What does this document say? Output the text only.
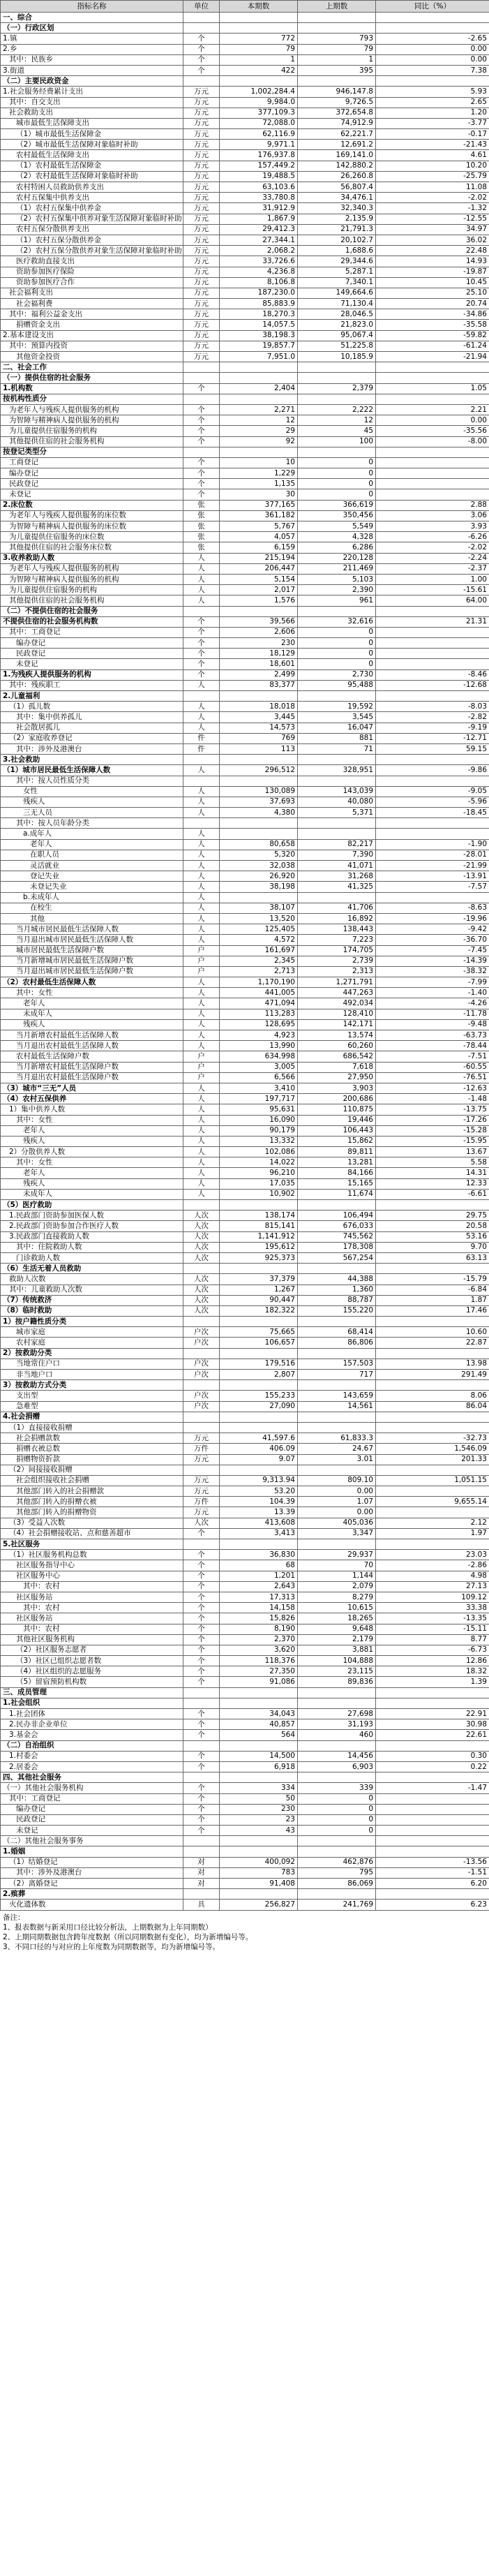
指标名称	单位	本期数	上期数	同比（%）
一、综合				
（一）行政区划				
1.镇	个	772	793	-2.65
2.乡	个	79	79	0.00
其中：民族乡	个	1	1	0.00
3.街道	个	422	395	7.38
（二）主要民政资金				
1.社会服务经费累计支出	万元	1,002,284.4	946,147.8	5.93
其中：自交支出	万元	9,984.0	9,726.5	2.65
社会救助支出	万元	377,109.3	372,654.8	1.20
城市最低生活保障支出	万元	72,088.0	74,912.9	-3.77
（1）城市最低生活保障金	万元	62,116.9	62,221.7	-0.17
（2）城市最低生活保障对象临时补助	万元	9,971.1	12,691.2	-21.43
农村最低生活保障支出	万元	176,937.8	169,141.0	4.61
（1）农村最低生活保障金	万元	157,449.2	142,880.2	10.20
（2）农村最低生活保障对象临时补助	万元	19,488.5	26,260.8	-25.79
农村特困人员救助供养支出	万元	63,103.6	56,807.4	11.08
农村五保集中供养支出	万元	33,780.8	34,476.1	-2.02
（1）农村五保集中供养金	万元	31,912.9	32,340.3	-1.32
（2）农村五保集中供养对象生活保障对象临时补助	万元	1,867.9	2,135.9	-12.55
农村五保分散供养支出	万元	29,412.3	21,791.3	34.97
（1）农村五保分散供养金	万元	27,344.1	20,102.7	36.02
（2）农村五保分散供养对象生活保障对象临时补助	万元	2,068.2	1,688.6	22.48
医疗救助直接支出	万元	33,726.6	29,344.6	14.93
资助参加医疗保险	万元	4,236.8	5,287.1	-19.87
资助参加医疗合作	万元	8,106.8	7,340.1	10.45
社会福利支出	万元	187,230.0	149,664.6	25.10
社会福利费	万元	85,883.9	71,130.4	20.74
其中：福利公益金支出	万元	18,270.3	28,046.5	-34.86
捐赠资金支出	万元	14,057.5	21,823.0	-35.58
2.基本建设支出	万元	38,198.3	95,067.4	-59.82
其中：预算内投资	万元	19,857.7	51,225.8	-61.24
其他资金投资	万元	7,951.0	10,185.9	-21.94
二、社会工作				
（一）提供住宿的社会服务				
1.机构数	个	2,404	2,379	1.05
按机构性质分				
为老年人与残疾人提供服务的机构	个	2,271	2,222	2.21
为智障与精神病人提供服务的机构	个	12	12	0.00
为儿童提供住宿服务的机构	个	29	45	-35.56
其他提供住宿的社会服务机构	个	92	100	-8.00
按登记类型分				
工商登记	个	10	0	
编办登记	个	1,229	0	
民政登记	个	1,135	0	
未登记	个	30	0	
2.床位数	张	377,165	366,619	2.88
为老年人与残疾人提供服务的床位数	张	361,182	350,456	3.06
为智障与精神病人提供服务的床位数	张	5,767	5,549	3.93
为儿童提供住宿服务的床位数	张	4,057	4,328	-6.26
其他提供住宿的社会服务床位数	张	6,159	6,286	-2.02
3.收养救助人数	人	215,194	220,128	-2.24
为老年人与残疾人提供服务的机构	人	206,447	211,469	-2.37
为智障与精神病人提供服务的机构	人	5,154	5,103	1.00
为儿童提供住宿服务的机构	人	2,017	2,390	-15.61
其他提供住宿的社会服务机构	人	1,576	961	64.00
（二）不提供住宿的社会服务				
不提供住宿的社会服务机构数	个	39,566	32,616	21.31
其中：工商登记	个	2,606	0	
编办登记	个	230	0	
民政登记	个	18,129	0	
未登记	个	18,601	0	
1.为残疾人提供服务的机构	个	2,499	2,730	-8.46
其中：残疾职工	人	83,377	95,488	-12.68
2.儿童福利				
（1）孤儿数	人	18,018	19,592	-8.03
其中：集中供养孤儿	人	3,445	3,545	-2.82
社会散居孤儿	人	14,573	16,047	-9.19
（2）家庭收养登记	件	769	881	-12.71
其中：涉外及港澳台	件	113	71	59.15
3.社会救助				
（1）城市居民最低生活保障人数	人	296,512	328,951	-9.86
其中：按人员性质分类				
女性	人	130,089	143,039	-9.05
残疾人	人	37,693	40,080	-5.96
三无人员	人	4,380	5,371	-18.45
其中：按人员年龄分类				
a.成年人	人			
老年人	人	80,658	82,217	-1.90
在职人员	人	5,320	7,390	-28.01
灵活就业	人	32,038	41,071	-21.99
登记失业	人	26,920	31,268	-13.91
未登记失业	人	38,198	41,325	-7.57
b.未成年人	人			
在校生	人	38,107	41,706	-8.63
其他	人	13,520	16,892	-19.96
当月城市居民最低生活保障人数	人	125,405	138,443	-9.42
当月退出城市居民最低生活保障人数	人	4,572	7,223	-36.70
城市居民最低生活保障户数	户	161,697	174,705	-7.45
当月新增城市居民最低生活保障户数	户	2,345	2,739	-14.39
当月退出城市居民最低生活保障户数	户	2,713	2,313	-38.32
（2）农村最低生活保障人数	人	1,170,190	1,271,791	-7.99
其中：女性	人	441,005	447,263	-1.40
老年人	人	471,094	492,034	-4.26
未成年人	人	113,283	128,410	-11.78
残疾人	人	128,695	142,171	-9.48
当月新增农村最低生活保障人数	人	4,923	13,574	-63.73
当月退出农村最低生活保障人数	人	13,990	60,260	-78.44
农村最低生活保障户数	户	634,998	686,542	-7.51
当月新增农村最低生活保障户数	户	3,005	7,618	-60.55
当月退出农村最低生活保障户数	户	6,566	27,950	-76.51
（3）城市“三无”人员	人	3,410	3,903	-12.63
（4）农村五保供养	人	197,717	200,686	-1.48
1）集中供养人数	人	95,631	110,875	-13.75
其中：女性	人	16,090	19,446	-17.26
老年人	人	90,179	106,443	-15.28
残疾人	人	13,332	15,862	-15.95
2）分散供养人数	人	102,086	89,811	13.67
其中：女性	人	14,022	13,281	5.58
老年人	人	96,210	84,166	14.31
残疾人	人	17,035	15,165	12.33
未成年人	人	10,902	11,674	-6.61
（5）医疗救助				
1.民政部门资助参加医保人数	人次	138,174	106,494	29.75
2.民政部门资助参加合作医疗人数	人次	815,141	676,033	20.58
3.民政部门直接救助人数	人次	1,141,912	745,562	53.16
其中：住院救助人数	人次	195,612	178,308	9.70
门诊救助人数	人次	925,373	567,254	63.13
（6）生活无着人员救助				
救助人次数	人次	37,379	44,388	-15.79
其中：儿童救助人次数	人次	1,267	1,360	-6.84
（7）传统救济	人次	90,447	88,787	1.87
（8）临时救助	人次	182,322	155,220	17.46
1）按户籍性质分类				
城市家庭	户次	75,665	68,414	10.60
农村家庭	户次	106,657	86,806	22.87
2）按救助分类				
当地常住户口	户次	179,516	157,503	13.98
非当地户口	户次	2,807	717	291.49
3）按救助方式分类				
支出型	户次	155,233	143,659	8.06
急难型	户次	27,090	14,561	86.04
4.社会捐赠				
（1）直接接收捐赠				
社会捐赠款数	万元	41,597.6	61,833.3	-32.73
捐赠衣被总数	万件	406.09	24.67	1,546.09
捐赠物资折款	万元	9.07	3.01	201.33
（2）间接接收捐赠				
社会组织接收社会捐赠	万元	9,313.94	809.10	1,051.15
其他部门转入的社会捐赠款	万元	53.20	0.00	
其他部门转入的捐赠衣被	万件	104.39	1.07	9,655.14
其他部门转入的捐赠物资	万元	13.39	0.00	
（3）受益人次数	人次	413,608	405,036	2.12
（4）社会捐赠接收站、点和慈善超市	个	3,413	3,347	1.97
5.社区服务				
（1）社区服务机构总数	个	36,830	29,937	23.03
社区服务指导中心	个	68	70	-2.86
社区服务中心	个	1,201	1,144	4.98
其中：农村	个	2,643	2,079	27.13
社区服务站	个	17,313	8,279	109.12
其中：农村	个	14,158	10,615	33.38
社区服务站	个	15,826	18,265	-13.35
其中：农村	个	8,190	9,648	-15.11
其他社区服务机构	个	2,370	2,179	8.77
（2）社区服务志愿者	个	3,620	3,881	-6.73
（3）社区已组织志愿者数	个	118,376	104,888	12.86
（4）社区组织的志愿服务	个	27,350	23,115	18.32
（5）留宿预防机构数	个	91,086	89,836	1.39
三、成员管理				
1.社会组织				
1.社会团体	个	34,043	27,698	22.91
2.民办非企业单位	个	40,857	31,193	30.98
3.基金会	个	564	460	22.61
（二）自治组织				
1.村委会	个	14,500	14,456	0.30
2.居委会	个	6,918	6,903	0.22
四、其他社会服务				
（一）其他社会服务机构	个	334	339	-1.47
其中：工商登记	个	50	0	
编办登记	个	230	0	
民政登记	个	23	0	
未登记	个	43	0	
（二）其他社会服务事务				
1.婚姻				
（1）结婚登记	对	400,092	462,876	-13.56
其中：涉外及港澳台	对	783	795	-1.51
（2）离婚登记	对	91,408	86,069	6.20
2.殡葬				
火化遗体数	具	256,827	241,769	6.23
备注：
1、报表数据与新采用口径比较分析法，上期数据为上年同期数）
2、上期同期数据包含跨年度数据（所以同期数据有变化），均为新增编号等。
3、不同口径的与对应的上年度数为同期数据等，均为新增编号等。
